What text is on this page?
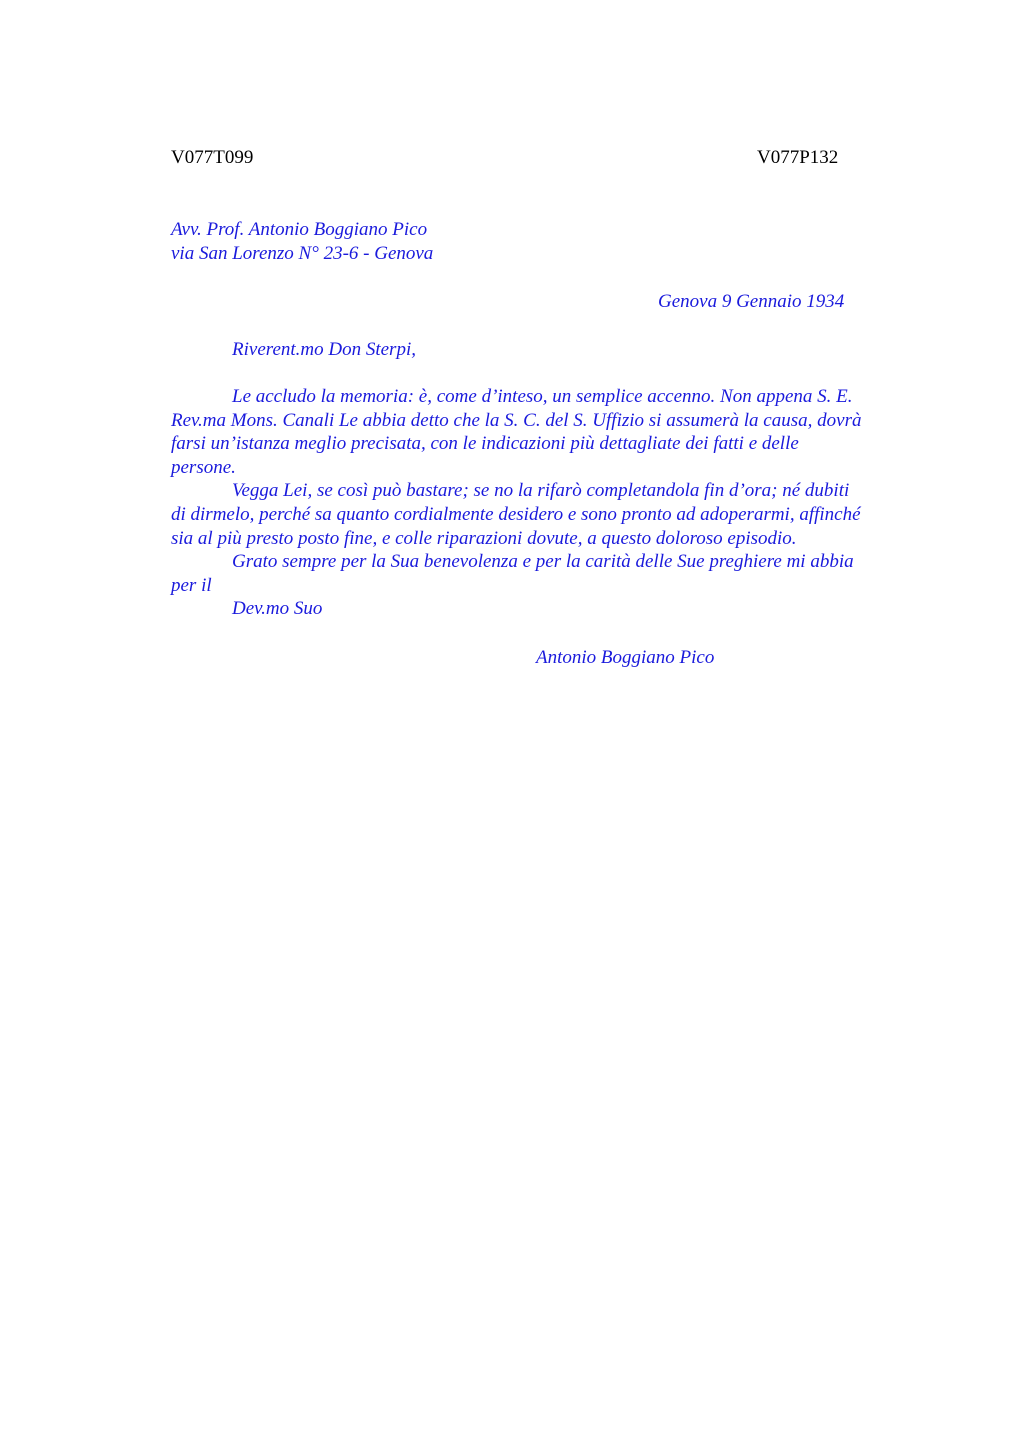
V077T099	V077P132
Avv. Prof. Antonio Boggiano Pico
via San Lorenzo N° 23-6 - Genova
Genova 9 Gennaio 1934
Riverent.mo Don Sterpi,
Le accludo la memoria: è, come d’inteso, un semplice accenno. Non appena S. E.
Rev.ma Mons. Canali Le abbia detto che la S. C. del S. Uffizio si assumerà la causa, dovrà
farsi un’istanza meglio precisata, con le indicazioni più dettagliate dei fatti e delle
persone.
Vegga Lei, se così può bastare; se no la rifarò completandola fin d’ora; né dubiti
di dirmelo, perché sa quanto cordialmente desidero e sono pronto ad adoperarmi, affinché
sia al più presto posto fine, e colle riparazioni dovute, a questo doloroso episodio.
Grato sempre per la Sua benevolenza e per la carità delle Sue preghiere mi abbia
per il
Dev.mo Suo
Antonio Boggiano Pico
